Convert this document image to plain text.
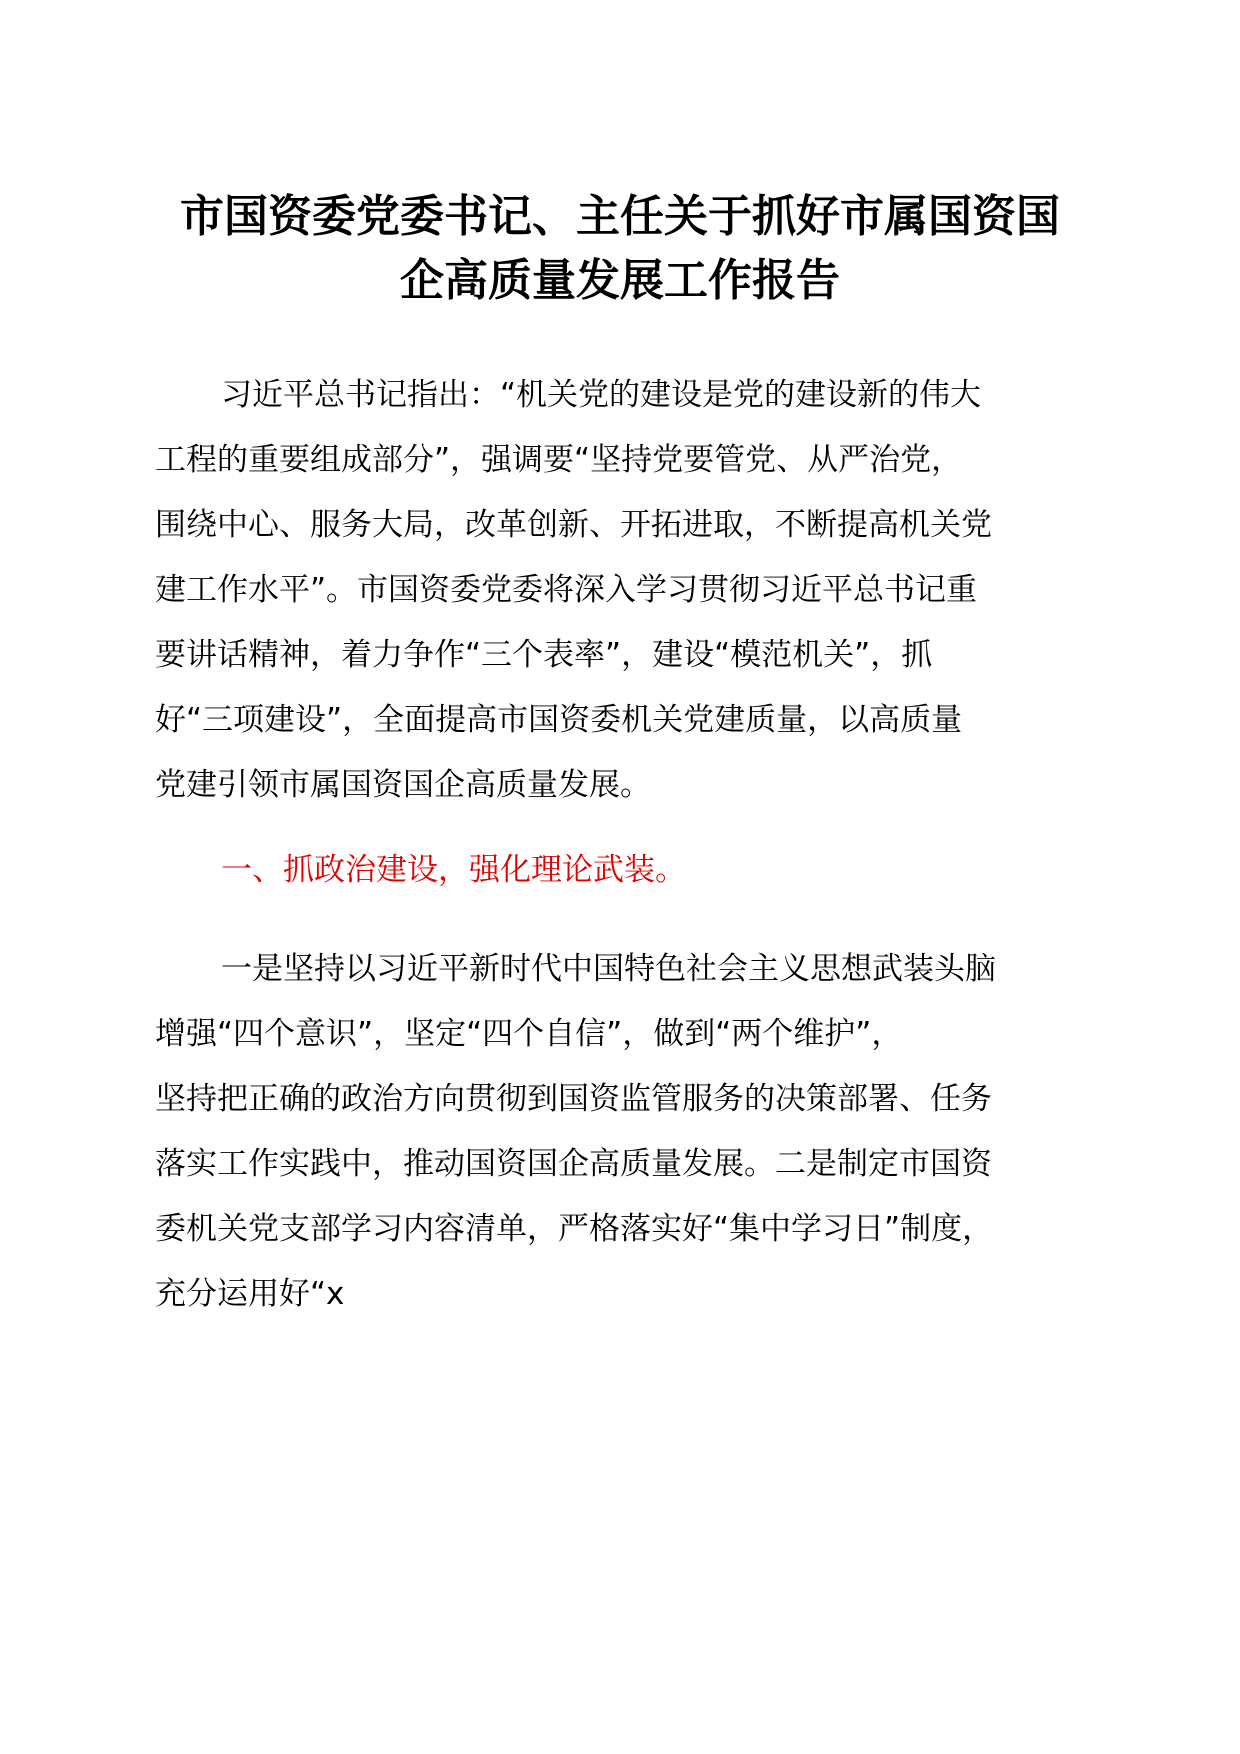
市国资委党委书记、主任关于抓好市属国资国
企高质量发展工作报告
习近平总书记指出：“机关党的建设是党的建设新的伟大
工程的重要组成部分”，强调要“坚持党要管党、从严治党，
围绕中心、服务大局，改革创新、开拓进取，不断提高机关党
建工作水平”。市国资委党委将深入学习贯彻习近平总书记重
要讲话精神，着力争作“三个表率”，建设“模范机关”，抓
好“三项建设”，全面提高市国资委机关党建质量，以高质量
党建引领市属国资国企高质量发展。
一、抓政治建设，强化理论武装。
一是坚持以习近平新时代中国特色社会主义思想武装头脑
增强“四个意识”，坚定“四个自信”，做到“两个维护”，
坚持把正确的政治方向贯彻到国资监管服务的决策部署、任务
落实工作实践中，推动国资国企高质量发展。二是制定市国资
委机关党支部学习内容清单，严格落实好“集中学习日”制度，
充分运用好“x
